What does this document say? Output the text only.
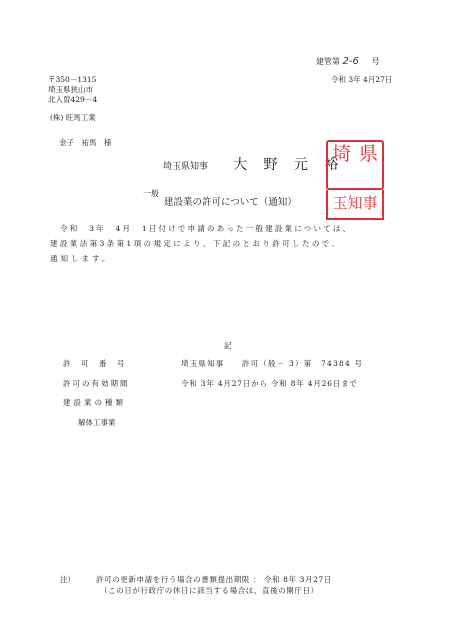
建管第 2-6 号
令和 3年 4月27日
〒350－1315
埼玉県狭山市
北入曽429－4
(株) 旺馬工業
金子　祐馬　様
埼玉県知事 大 野 元 裕
埼 県
玉知事
一般
建設業の許可について（通知）
令和　3年　4月　1日付けで申請のあった一般建設業については、
建設業法第3条第1項の規定により、下記のとおり許可したので、
通知します。
記
許　可　番　号	埼玉県知事　　許可（般－ 3）第　74384 号
許可の有効期間	令和 3年 4月27日から 令和 8年 4月26日まで
建設業の種類
解体工事業
注）	許可の更新申請を行う場合の書類提出期限 ： 令和 8年 3月27日
（この日が行政庁の休日に該当する場合は、直後の開庁日）
